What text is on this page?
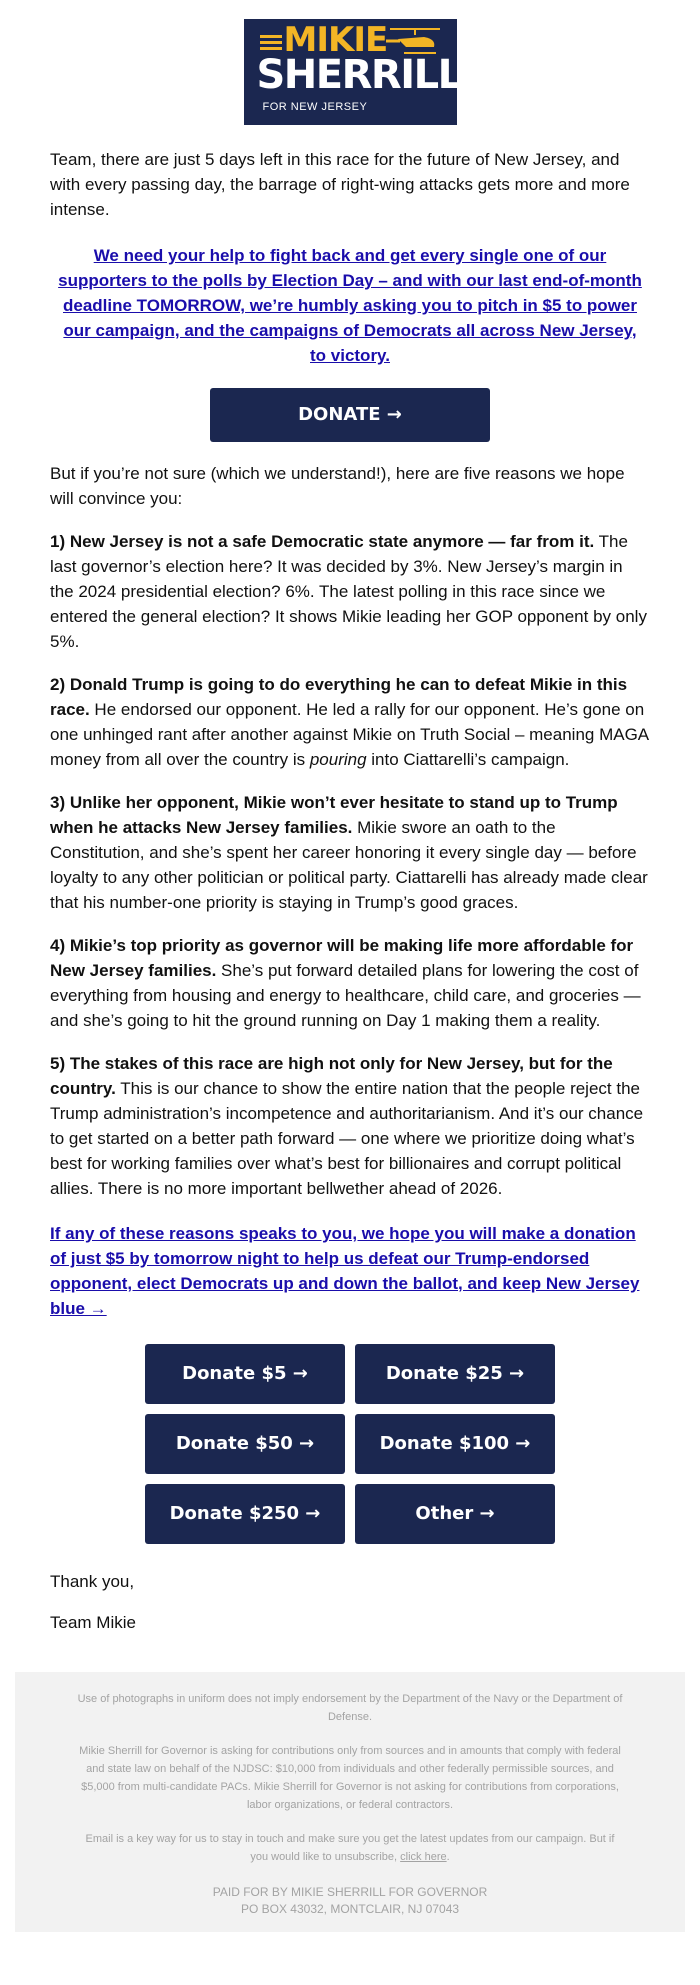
MIKIE
SHERRILL
FOR NEW JERSEY

Team, there are just 5 days left in this race for the future of New Jersey, and with every passing day, the barrage of right-wing attacks gets more and more intense.

We need your help to fight back and get every single one of our supporters to the polls by Election Day – and with our last end-of-month deadline TOMORROW, we’re humbly asking you to pitch in $5 to power our campaign, and the campaigns of Democrats all across New Jersey, to victory.
DONATE →

But if you’re not sure (which we understand!), here are five reasons we hope will convince you:

1) New Jersey is not a safe Democratic state anymore — far from it. The last governor’s election here? It was decided by 3%. New Jersey’s margin in the 2024 presidential election? 6%. The latest polling in this race since we entered the general election? It shows Mikie leading her GOP opponent by only 5%.

2) Donald Trump is going to do everything he can to defeat Mikie in this race. He endorsed our opponent. He led a rally for our opponent. He’s gone on one unhinged rant after another against Mikie on Truth Social – meaning MAGA money from all over the country is pouring into Ciattarelli’s campaign.

3) Unlike her opponent, Mikie won’t ever hesitate to stand up to Trump when he attacks New Jersey families. Mikie swore an oath to the Constitution, and she’s spent her career honoring it every single day — before loyalty to any other politician or political party. Ciattarelli has already made clear that his number-one priority is staying in Trump’s good graces.

4) Mikie’s top priority as governor will be making life more affordable for New Jersey families. She’s put forward detailed plans for lowering the cost of everything from housing and energy to healthcare, child care, and groceries — and she’s going to hit the ground running on Day 1 making them a reality.

5) The stakes of this race are high not only for New Jersey, but for the country. This is our chance to show the entire nation that the people reject the Trump administration’s incompetence and authoritarianism. And it’s our chance to get started on a better path forward — one where we prioritize doing what’s best for working families over what’s best for billionaires and corrupt political allies. There is no more important bellwether ahead of 2026.

If any of these reasons speaks to you, we hope you will make a donation of just $5 by tomorrow night to help us defeat our Trump-endorsed opponent, elect Democrats up and down the ballot, and keep New Jersey blue →

Donate $5 →	Donate $25 →
Donate $50 →	Donate $100 →
Donate $250 →	Other →

Thank you,

Team Mikie

Use of photographs in uniform does not imply endorsement by the Department of the Navy or the Department of Defense.

Mikie Sherrill for Governor is asking for contributions only from sources and in amounts that comply with federal and state law on behalf of the NJDSC: $10,000 from individuals and other federally permissible sources, and $5,000 from multi-candidate PACs. Mikie Sherrill for Governor is not asking for contributions from corporations, labor organizations, or federal contractors.

Email is a key way for us to stay in touch and make sure you get the latest updates from our campaign. But if you would like to unsubscribe, click here.

PAID FOR BY MIKIE SHERRILL FOR GOVERNOR
PO BOX 43032, MONTCLAIR, NJ 07043
